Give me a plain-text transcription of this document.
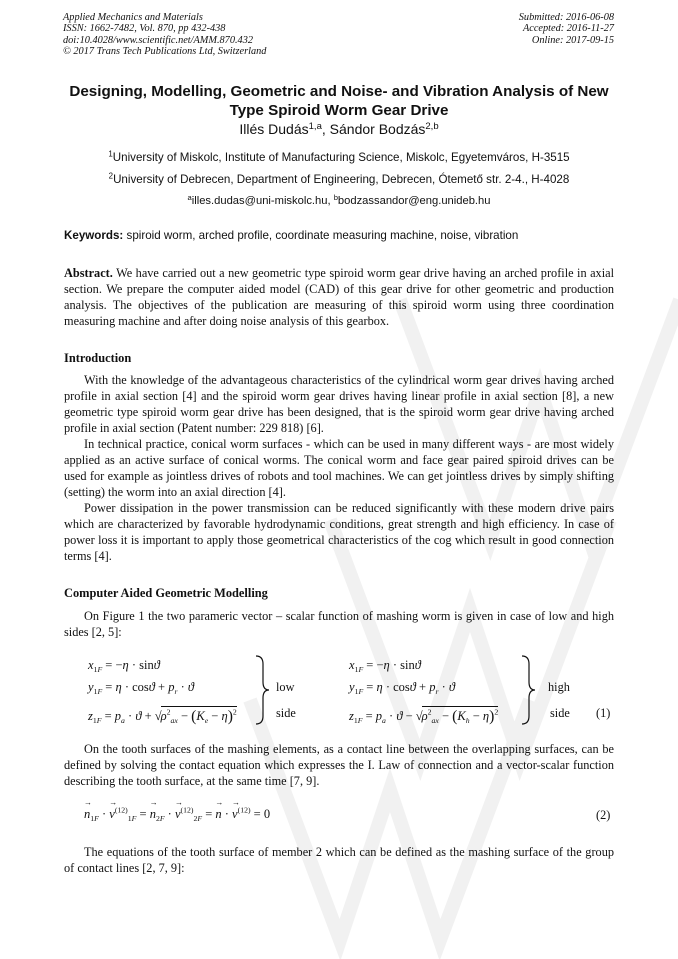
Applied Mechanics and Materials
ISSN: 1662-7482, Vol. 870, pp 432-438
doi:10.4028/www.scientific.net/AMM.870.432
© 2017 Trans Tech Publications Ltd, Switzerland
Submitted: 2016-06-08
Accepted: 2016-11-27
Online: 2017-09-15
Designing, Modelling, Geometric and Noise- and Vibration Analysis of New Type Spiroid Worm Gear Drive
Illés Dudás$^{1,a}$, Sándor Bodzás$^{2,b}$
$^1$University of Miskolc, Institute of Manufacturing Science, Miskolc, Egyetemváros, H-3515
$^2$University of Debrecen, Department of Engineering, Debrecen, Ótemető str. 2-4., H-4028
$^a$illes.dudas@uni-miskolc.hu, $^b$bodzassandor@eng.unideb.hu
Keywords: spiroid worm, arched profile, coordinate measuring machine, noise, vibration
Abstract. We have carried out a new geometric type spiroid worm gear drive having an arched profile in axial section. We prepare the computer aided model (CAD) of this gear drive for other geometric and production analysis. The objectives of the publication are measuring of this spiroid worm using three coordination measuring machine and after doing noise analysis of this gearbox.
Introduction
With the knowledge of the advantageous characteristics of the cylindrical worm gear drives having arched profile in axial section [4] and the spiroid worm gear drives having linear profile in axial section [8], a new geometric type spiroid worm gear drive has been designed, that is the spiroid worm gear drive having arched profile in axial section (Patent number: 229 818) [6].
In technical practice, conical worm surfaces - which can be used in many different ways - are most widely applied as an active surface of conical worms. The conical worm and face gear paired spiroid drives can be used for example as jointless drives of robots and tool machines. We can get jointless drives by simply shifting (setting) the worm into an axial direction [4].
Power dissipation in the power transmission can be reduced significantly with these modern drive pairs which are characterized by favorable hydrodynamic conditions, great strength and high efficiency. In case of power loss it is important to apply those geometrical characteristics of the cog which result in good connection terms [4].
Computer Aided Geometric Modelling
On Figure 1 the two parameric vector – scalar function of mashing worm is given in case of low and high sides [2, 5]:
$x_{1F} = -\eta \cdot \sin ϑ$
$y_{1F} = \eta \cdot \cos ϑ + p_r \cdot ϑ$
$z_{1F} = p_a \cdot ϑ + √\rho^2_{ax} - (K_e - \eta)^2$
low
side
$x_{1F} = -\eta \cdot \sin ϑ$
$y_{1F} = \eta \cdot \cos ϑ + p_r \cdot ϑ$
$z_{1F} = p_a \cdot ϑ - √\rho^2_{ax} - (K_h - \eta)^2$
high
side (1)
On the tooth surfaces of the mashing elements, as a contact line between the overlapping surfaces, can be defined by solving the contact equation which expresses the I. Law of connection and a vector-scalar function describing the tooth surface, at the same time [7, 9].
→ $n_{1F}$ · → $v^{(12)}_{1F}$ = → $n_{2F}$ · → $v^{(12)}_{2F}$ = → n · → $v^{(12)} = 0$	(2)
The equations of the tooth surface of member 2 which can be defined as the mashing surface of the group of contact lines [2, 7, 9]:
